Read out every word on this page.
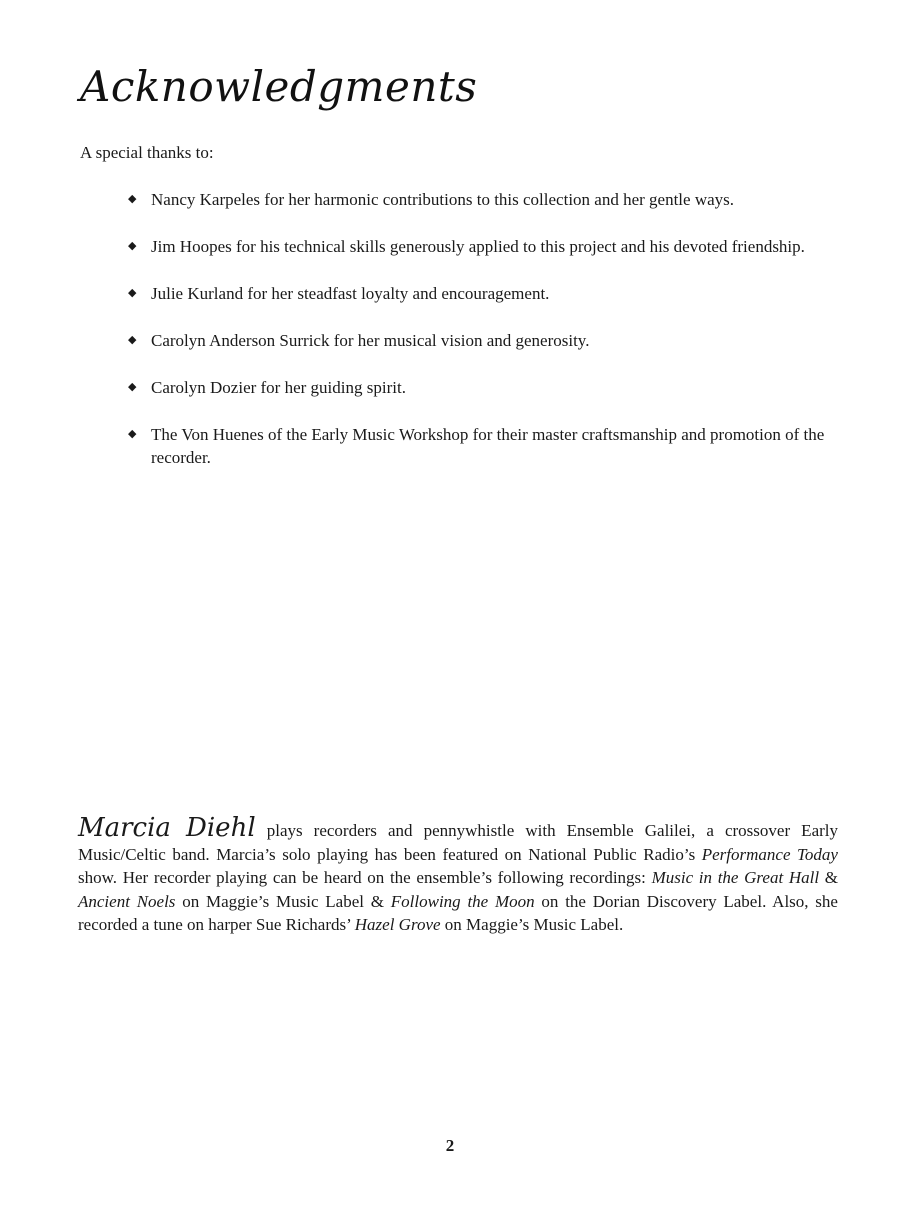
Acknowledgments

A special thanks to:

◆ Nancy Karpeles for her harmonic contributions to this collection and her gentle ways.
◆ Jim Hoopes for his technical skills generously applied to this project and his devoted friendship.
◆ Julie Kurland for her steadfast loyalty and encouragement.
◆ Carolyn Anderson Surrick for her musical vision and generosity.
◆ Carolyn Dozier for her guiding spirit.
◆ The Von Huenes of the Early Music Workshop for their master craftsmanship and promotion of the recorder.

Marcia Diehl plays recorders and pennywhistle with Ensemble Galilei, a crossover Early Music/Celtic band. Marcia’s solo playing has been featured on National Public Radio’s Performance Today show. Her recorder playing can be heard on the ensemble’s following recordings: Music in the Great Hall & Ancient Noels on Maggie’s Music Label & Following the Moon on the Dorian Discovery Label. Also, she recorded a tune on harper Sue Richards’ Hazel Grove on Maggie’s Music Label.

2
